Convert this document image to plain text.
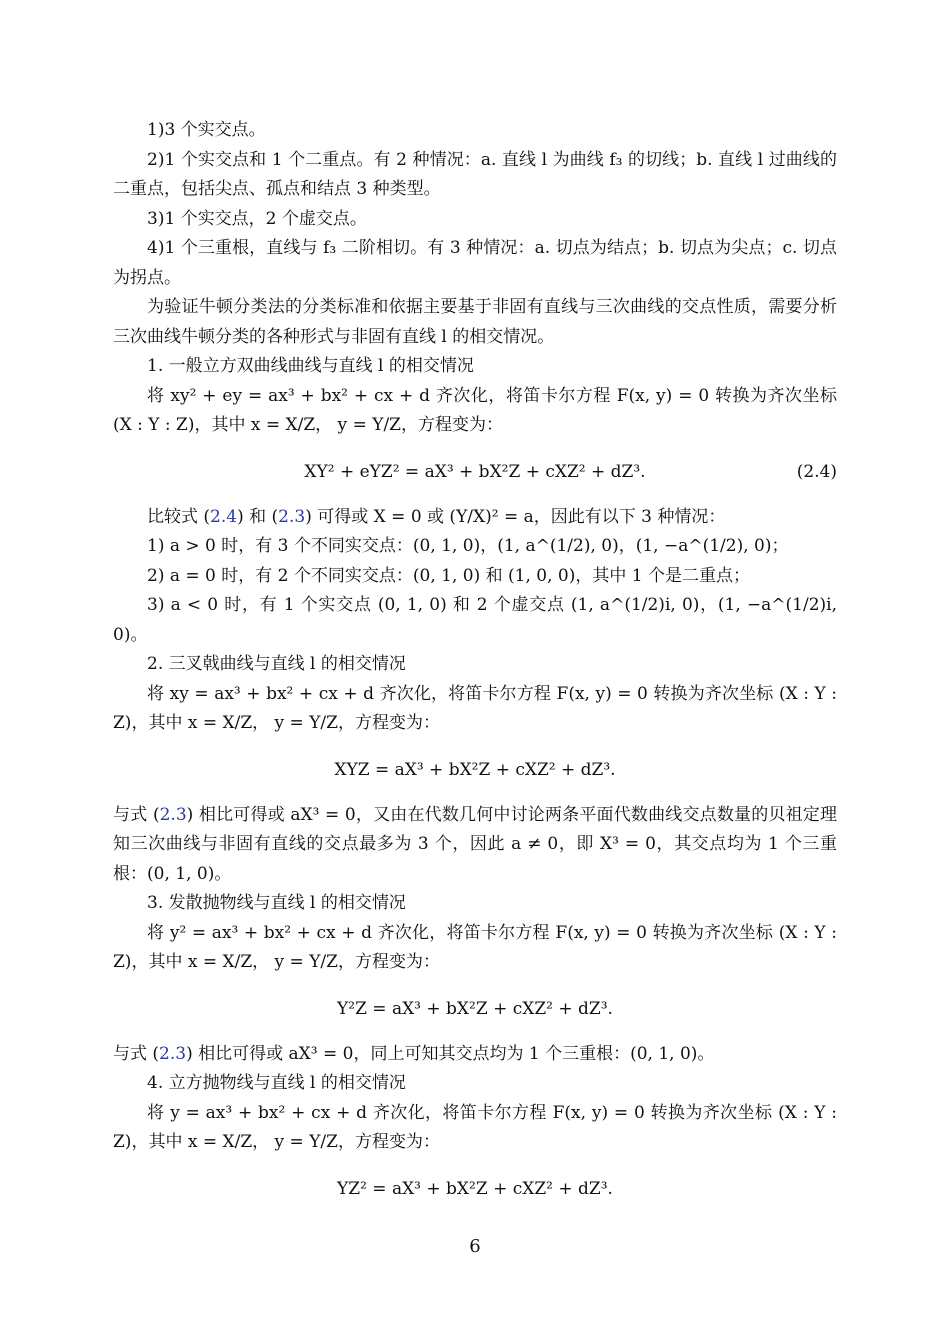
1)3 个实交点。

2)1 个实交点和 1 个二重点。有 2 种情况：a. 直线 l 为曲线 f₃ 的切线；b. 直线 l 过曲线的二重点，包括尖点、孤点和结点 3 种类型。

3)1 个实交点，2 个虚交点。

4)1 个三重根，直线与 f₃ 二阶相切。有 3 种情况：a. 切点为结点；b. 切点为尖点；c. 切点为拐点。

为验证牛顿分类法的分类标准和依据主要基于非固有直线与三次曲线的交点性质，需要分析三次曲线牛顿分类的各种形式与非固有直线 l 的相交情况。

1. 一般立方双曲线曲线与直线 l 的相交情况

将 xy² + ey = ax³ + bx² + cx + d 齐次化，将笛卡尔方程 F(x, y) = 0 转换为齐次坐标 (X : Y : Z)，其中 x = X/Z， y = Y/Z，方程变为：

XY² + eYZ² = aX³ + bX²Z + cXZ² + dZ³.	(2.4)

比较式 (2.4) 和 (2.3) 可得或 X = 0 或 (Y/X)² = a，因此有以下 3 种情况：

1) a > 0 时，有 3 个不同实交点：(0, 1, 0)，(1, a^(1/2), 0)，(1, −a^(1/2), 0)；

2) a = 0 时，有 2 个不同实交点：(0, 1, 0) 和 (1, 0, 0)，其中 1 个是二重点；

3) a < 0 时，有 1 个实交点 (0, 1, 0) 和 2 个虚交点 (1, a^(1/2)i, 0)，(1, −a^(1/2)i, 0)。

2. 三叉戟曲线与直线 l 的相交情况

将 xy = ax³ + bx² + cx + d 齐次化，将笛卡尔方程 F(x, y) = 0 转换为齐次坐标 (X : Y : Z)，其中 x = X/Z， y = Y/Z，方程变为：

XYZ = aX³ + bX²Z + cXZ² + dZ³.

与式 (2.3) 相比可得或 aX³ = 0，又由在代数几何中讨论两条平面代数曲线交点数量的贝祖定理知三次曲线与非固有直线的交点最多为 3 个，因此 a ≠ 0，即 X³ = 0，其交点均为 1 个三重根：(0, 1, 0)。

3. 发散抛物线与直线 l 的相交情况

将 y² = ax³ + bx² + cx + d 齐次化，将笛卡尔方程 F(x, y) = 0 转换为齐次坐标 (X : Y : Z)，其中 x = X/Z， y = Y/Z，方程变为：

Y²Z = aX³ + bX²Z + cXZ² + dZ³.

与式 (2.3) 相比可得或 aX³ = 0，同上可知其交点均为 1 个三重根：(0, 1, 0)。

4. 立方抛物线与直线 l 的相交情况

将 y = ax³ + bx² + cx + d 齐次化，将笛卡尔方程 F(x, y) = 0 转换为齐次坐标 (X : Y : Z)，其中 x = X/Z， y = Y/Z，方程变为：

YZ² = aX³ + bX²Z + cXZ² + dZ³.
6
